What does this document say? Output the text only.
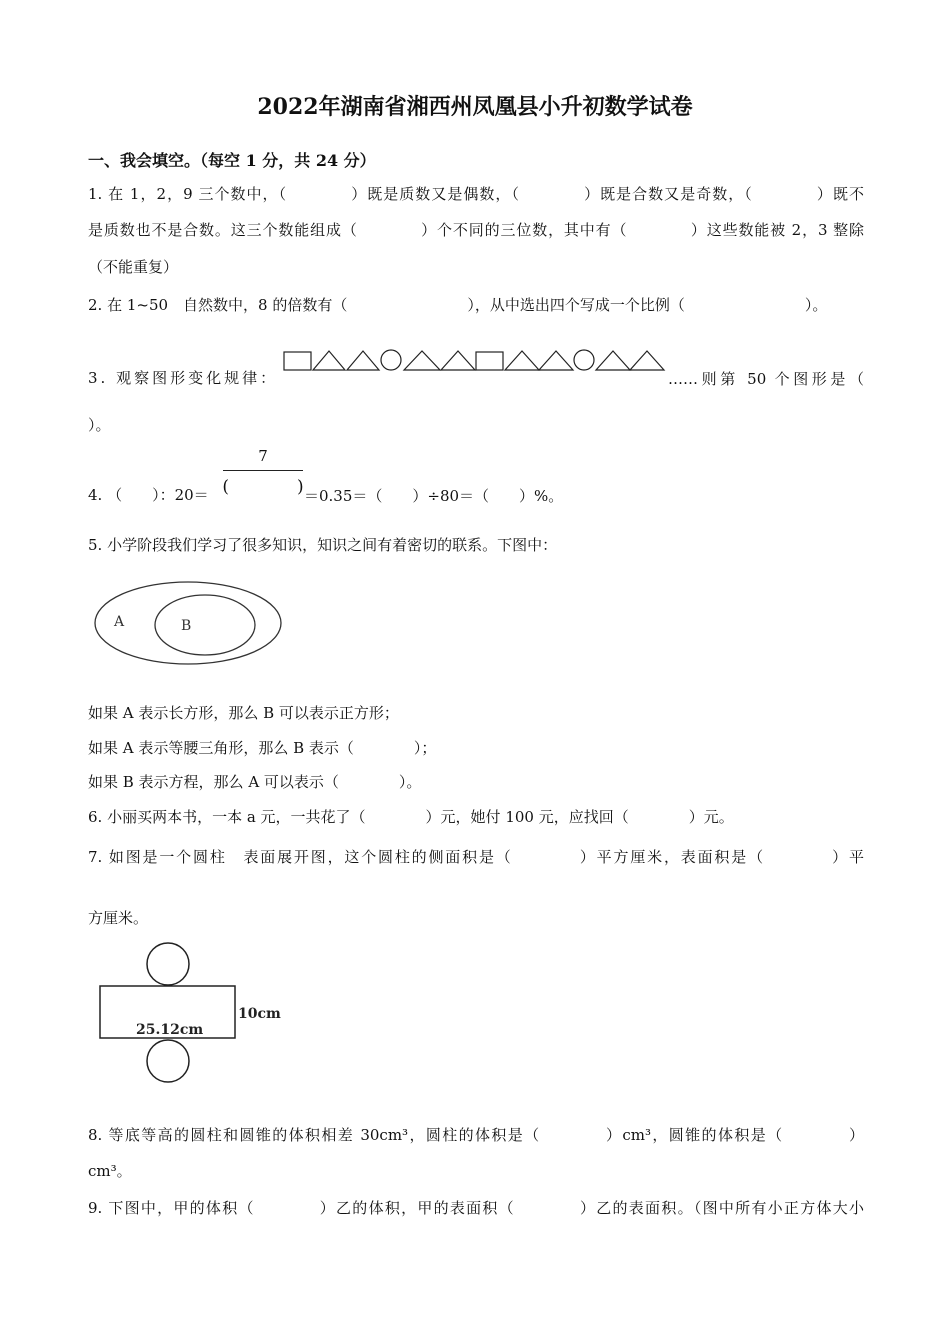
2022年湖南省湘西州凤凰县小升初数学试卷
一、我会填空。（每空 1 分，共 24 分）
1. 在 1，2，9 三个数中，（　　　　）既是质数又是偶数，（　　　　）既是合数又是奇数，（　　　　）既不
是质数也不是合数。这三个数能组成（　　　　）个不同的三位数，其中有（　　　　）这些数能被 2，3 整除
（不能重复）
2. 在 1~50　自然数中，8 的倍数有（　　　　　　　　），从中选出四个写成一个比例（　　　　　　　　）。
3. 观察图形变化规律：	……则第 50 个图形是（
）。
4. （　　）：20＝
7
(　　　　) ＝0.35＝（　　）÷80＝（　　）%。
5. 小学阶段我们学习了很多知识，知识之间有着密切的联系。下图中：
A	B
如果 A 表示长方形，那么 B 可以表示正方形；
如果 A 表示等腰三角形，那么 B 表示（　　　　）；
如果 B 表示方程，那么 A 可以表示（　　　　）。
6. 小丽买两本书，一本 a 元，一共花了（　　　　）元，她付 100 元，应找回（　　　　）元。
7. 如图是一个圆柱　表面展开图，这个圆柱的侧面积是（　　　　）平方厘米，表面积是（　　　　）平
方厘米。
25.12cm
10cm
8. 等底等高的圆柱和圆锥的体积相差 30cm³，圆柱的体积是（　　　　）cm³，圆锥的体积是（　　　　）
cm³。
9. 下图中，甲的体积（　　　　）乙的体积，甲的表面积（　　　　）乙的表面积。（图中所有小正方体大小
